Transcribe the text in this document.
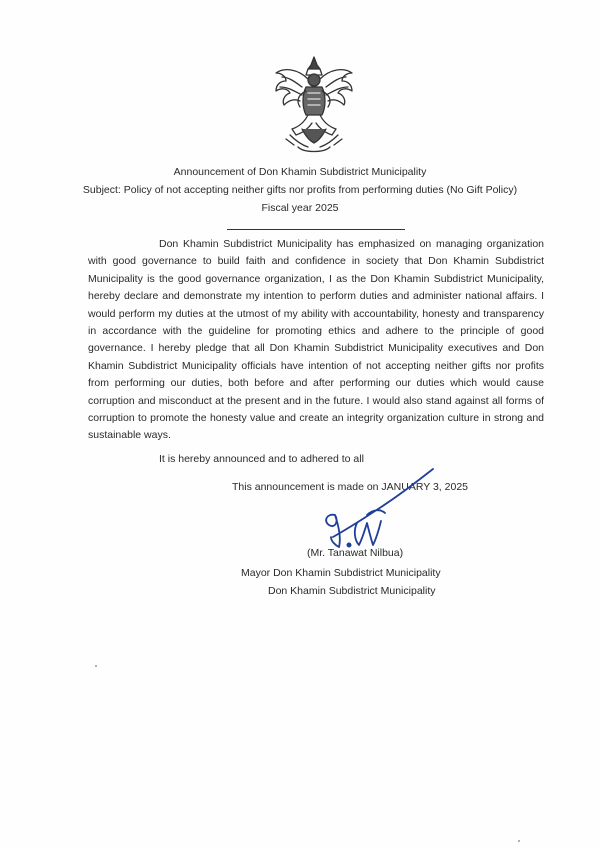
Announcement of Don Khamin Subdistrict Municipality
Subject: Policy of not accepting neither gifts nor profits from performing duties (No Gift Policy)
Fiscal year 2025
Don Khamin Subdistrict Municipality has emphasized on managing organization with good governance to build faith and confidence in society that Don Khamin Subdistrict Municipality is the good governance organization, I as the Don Khamin Subdistrict Municipality, hereby declare and demonstrate my intention to perform duties and administer national affairs. I would perform my duties at the utmost of my ability with accountability, honesty and transparency in accordance with the guideline for promoting ethics and adhere to the principle of good governance. I hereby pledge that all Don Khamin Subdistrict Municipality executives and Don Khamin Subdistrict Municipality officials have intention of not accepting neither gifts nor profits from performing our duties, both before and after performing our duties which would cause corruption and misconduct at the present and in the future. I would also stand against all forms of corruption to promote the honesty value and create an integrity organization culture in strong and sustainable ways.
It is hereby announced and to adhered to all
This announcement is made on JANUARY 3, 2025
(Mr. Tanawat Nilbua)
Mayor Don Khamin Subdistrict Municipality
Don Khamin Subdistrict Municipality
